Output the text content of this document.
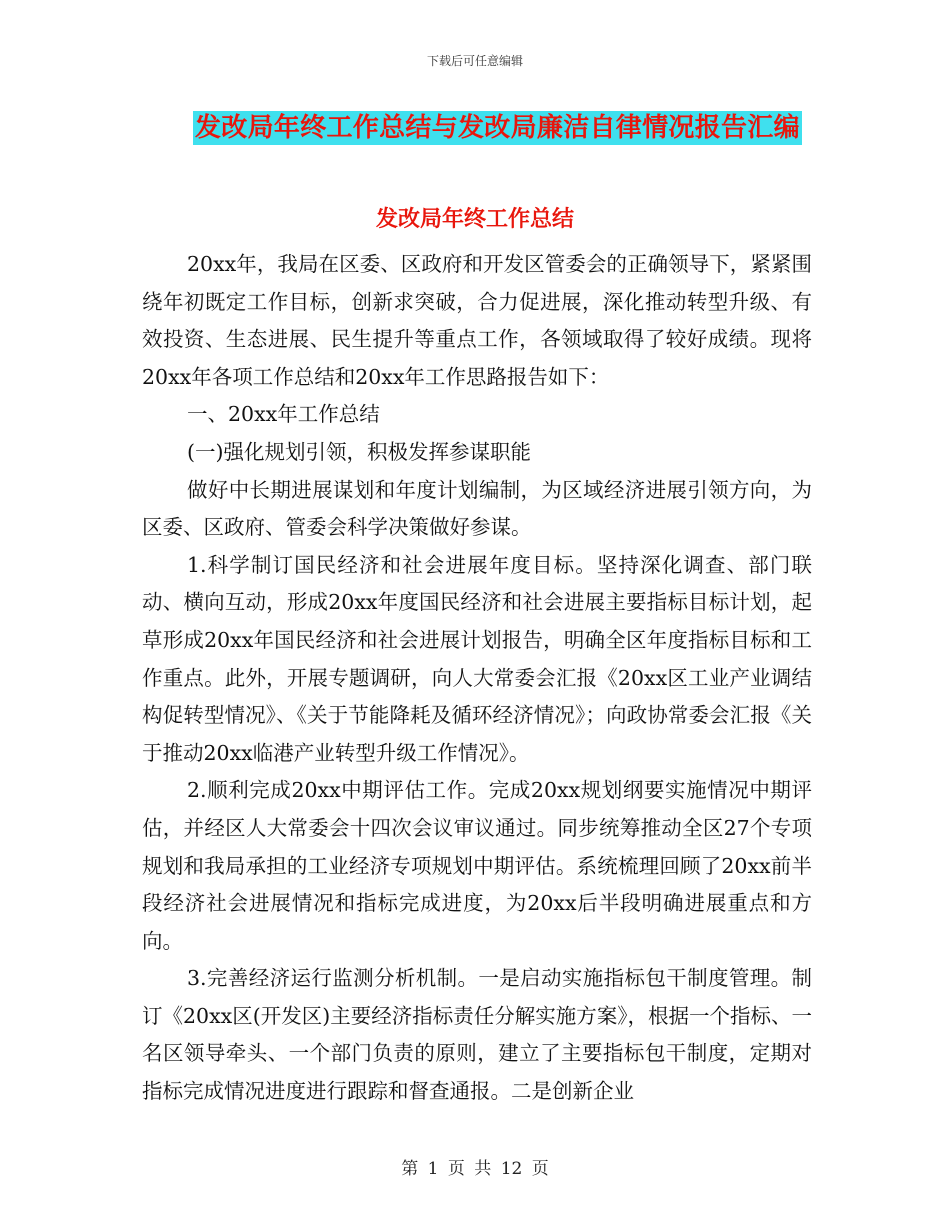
下载后可任意编辑
发改局年终工作总结与发改局廉洁自律情况报告汇编
发改局年终工作总结

20xx年，我局在区委、区政府和开发区管委会的正确领导下，紧紧围绕年初既定工作目标，创新求突破，合力促进展，深化推动转型升级、有效投资、生态进展、民生提升等重点工作，各领域取得了较好成绩。现将20xx年各项工作总结和20xx年工作思路报告如下：

一、20xx年工作总结

(一)强化规划引领，积极发挥参谋职能

做好中长期进展谋划和年度计划编制，为区域经济进展引领方向，为区委、区政府、管委会科学决策做好参谋。

1.科学制订国民经济和社会进展年度目标。坚持深化调查、部门联动、横向互动，形成20xx年度国民经济和社会进展主要指标目标计划，起草形成20xx年国民经济和社会进展计划报告，明确全区年度指标目标和工作重点。此外，开展专题调研，向人大常委会汇报《20xx区工业产业调结构促转型情况》、《关于节能降耗及循环经济情况》；向政协常委会汇报《关于推动20xx临港产业转型升级工作情况》。

2.顺利完成20xx中期评估工作。完成20xx规划纲要实施情况中期评估，并经区人大常委会十四次会议审议通过。同步统筹推动全区27个专项规划和我局承担的工业经济专项规划中期评估。系统梳理回顾了20xx前半段经济社会进展情况和指标完成进度，为20xx后半段明确进展重点和方向。

3.完善经济运行监测分析机制。一是启动实施指标包干制度管理。制订《20xx区(开发区)主要经济指标责任分解实施方案》，根据一个指标、一名区领导牵头、一个部门负责的原则，建立了主要指标包干制度，定期对指标完成情况进度进行跟踪和督查通报。二是创新企业

第 1 页 共 12 页
